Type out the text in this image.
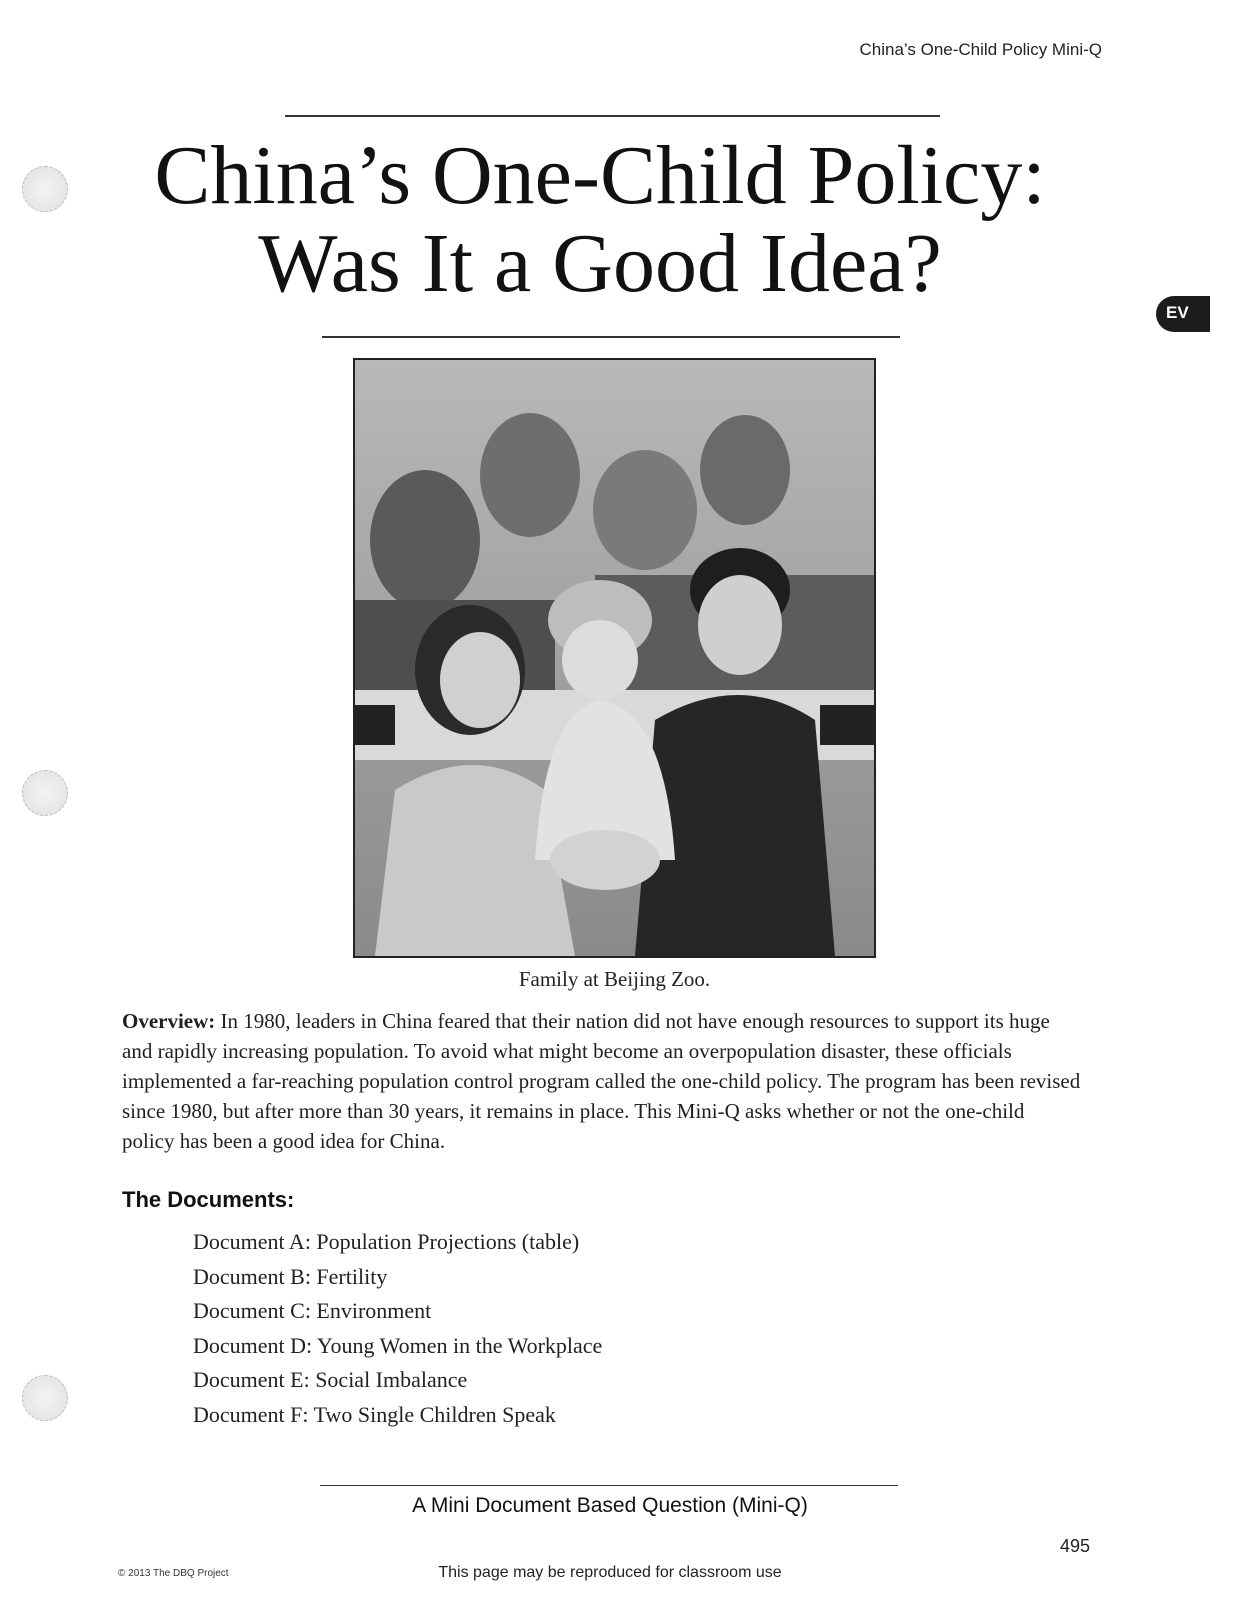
China’s One-Child Policy Mini-Q
China’s One-Child Policy:
Was It a Good Idea?
EV
Family at Beijing Zoo.

Overview: In 1980, leaders in China feared that their nation did not have enough resources to support its huge and rapidly increasing population. To avoid what might become an overpopulation disaster, these officials implemented a far-reaching population control program called the one-child policy. The program has been revised since 1980, but after more than 30 years, it remains in place. This Mini-Q asks whether or not the one-child policy has been a good idea for China.

The Documents:
Document A: Population Projections (table)
Document B: Fertility
Document C: Environment
Document D: Young Women in the Workplace
Document E: Social Imbalance
Document F: Two Single Children Speak
A Mini Document Based Question (Mini-Q)
© 2013 The DBQ Project	This page may be reproduced for classroom use
495
